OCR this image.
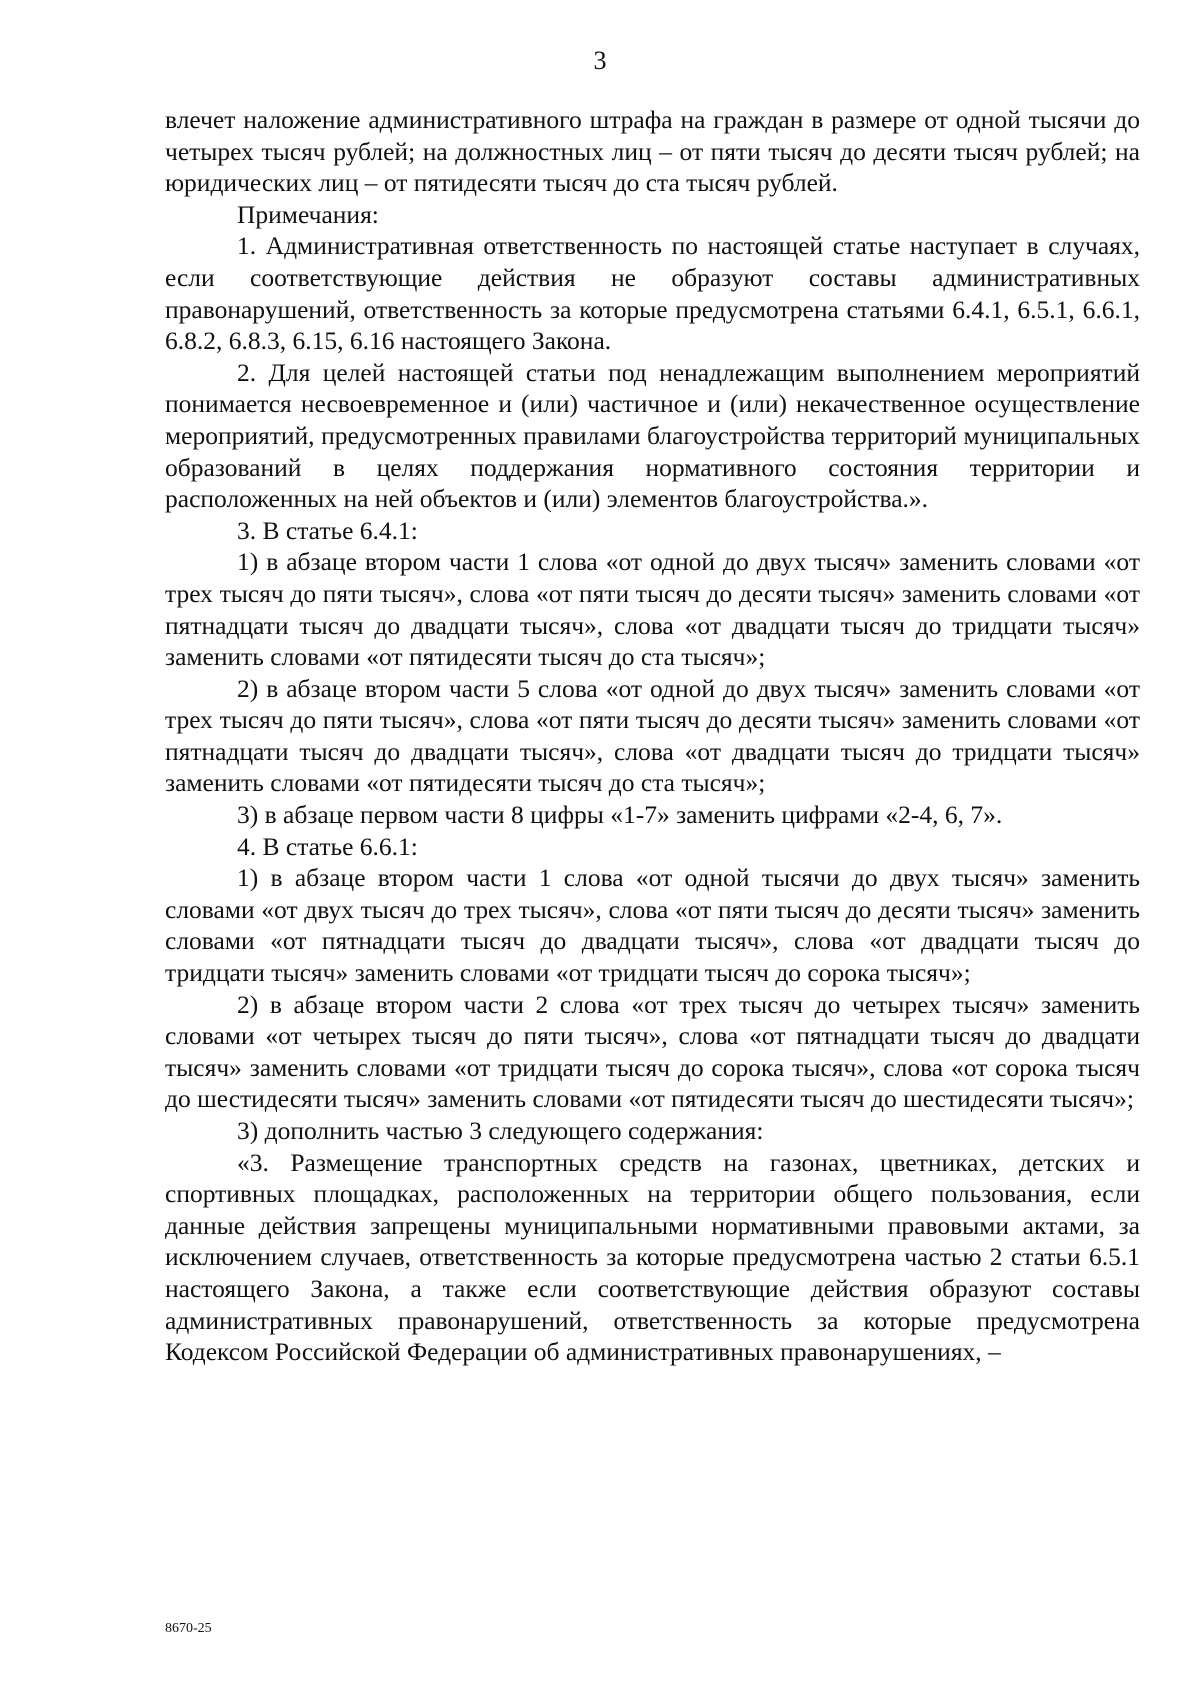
3

влечет наложение административного штрафа на граждан в размере от одной тысячи до четырех тысяч рублей; на должностных лиц – от пяти тысяч до десяти тысяч рублей; на юридических лиц – от пятидесяти тысяч до ста тысяч рублей.

Примечания:

1. Административная ответственность по настоящей статье наступает в случаях, если соответствующие действия не образуют составы административных правонарушений, ответственность за которые предусмотрена статьями 6.4.1, 6.5.1, 6.6.1, 6.8.2, 6.8.3, 6.15, 6.16 настоящего Закона.

2. Для целей настоящей статьи под ненадлежащим выполнением мероприятий понимается несвоевременное и (или) частичное и (или) некачественное осуществление мероприятий, предусмотренных правилами благоустройства территорий муниципальных образований в целях поддержания нормативного состояния территории и расположенных на ней объектов и (или) элементов благоустройства.».

3. В статье 6.4.1:

1) в абзаце втором части 1 слова «от одной до двух тысяч» заменить словами «от трех тысяч до пяти тысяч», слова «от пяти тысяч до десяти тысяч» заменить словами «от пятнадцати тысяч до двадцати тысяч», слова «от двадцати тысяч до тридцати тысяч» заменить словами «от пятидесяти тысяч до ста тысяч»;

2) в абзаце втором части 5 слова «от одной до двух тысяч» заменить словами «от трех тысяч до пяти тысяч», слова «от пяти тысяч до десяти тысяч» заменить словами «от пятнадцати тысяч до двадцати тысяч», слова «от двадцати тысяч до тридцати тысяч» заменить словами «от пятидесяти тысяч до ста тысяч»;

3) в абзаце первом части 8 цифры «1-7» заменить цифрами «2-4, 6, 7».

4. В статье 6.6.1:

1) в абзаце втором части 1 слова «от одной тысячи до двух тысяч» заменить словами «от двух тысяч до трех тысяч», слова «от пяти тысяч до десяти тысяч» заменить словами «от пятнадцати тысяч до двадцати тысяч», слова «от двадцати тысяч до тридцати тысяч» заменить словами «от тридцати тысяч до сорока тысяч»;

2) в абзаце втором части 2 слова «от трех тысяч до четырех тысяч» заменить словами «от четырех тысяч до пяти тысяч», слова «от пятнадцати тысяч до двадцати тысяч» заменить словами «от тридцати тысяч до сорока тысяч», слова «от сорока тысяч до шестидесяти тысяч» заменить словами «от пятидесяти тысяч до шестидесяти тысяч»;

3) дополнить частью 3 следующего содержания:

«3. Размещение транспортных средств на газонах, цветниках, детских и спортивных площадках, расположенных на территории общего пользования, если данные действия запрещены муниципальными нормативными правовыми актами, за исключением случаев, ответственность за которые предусмотрена частью 2 статьи 6.5.1 настоящего Закона, а также если соответствующие действия образуют составы административных правонарушений, ответственность за которые предусмотрена Кодексом Российской Федерации об административных правонарушениях, –

8670-25
